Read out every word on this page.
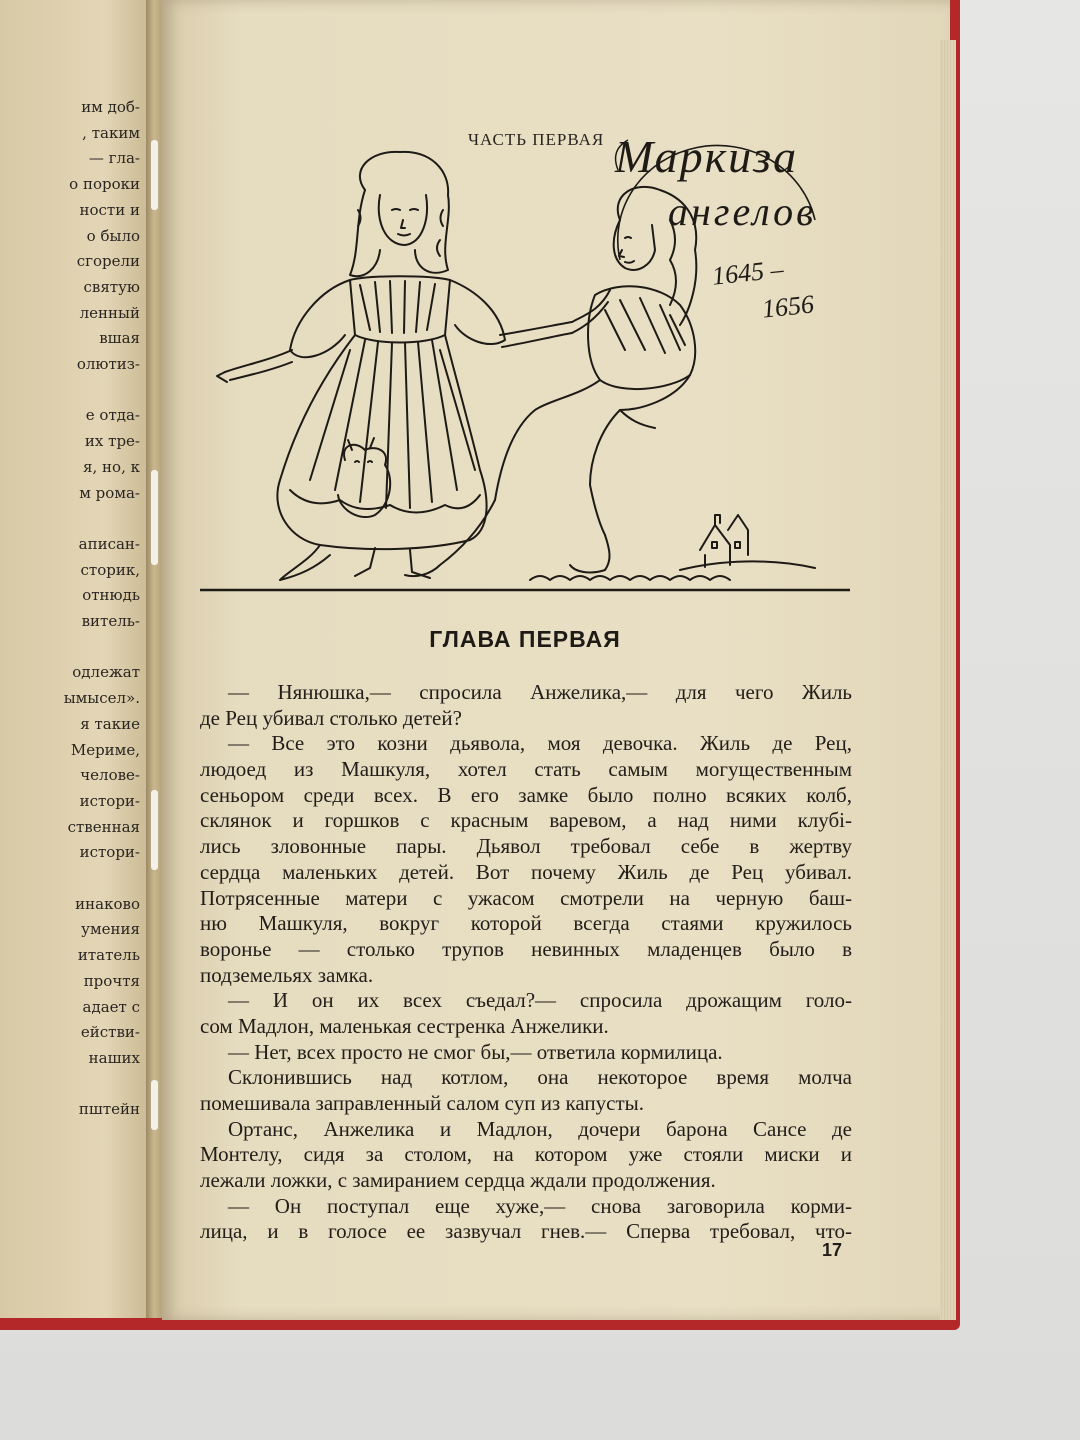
им доб-
, таким
— гла-
о пороки
ности и
о было
сгорели
святую
ленный
вшая
олютиз-
е отда-
их тре-
я, но, к
м рома-
аписан-
сторик,
отнюдь
витель-
одлежат
ымысел».
я такие
Мериме,
челове-
истори-
ственная
истори-
инаково
умения
итатель
прочтя
адает с
ействи-
наших
пштейн
ЧАСТЬ ПЕРВАЯ Маркиза
ангелов
1645 –
1656
ГЛАВА ПЕРВАЯ
— Нянюшка,— спросила Анжелика,— для чего Жиль
де Рец убивал столько детей?
— Все это козни дьявола, моя девочка. Жиль де Рец,
людоед из Машкуля, хотел стать самым могущественным
сеньором среди всех. В его замке было полно всяких колб,
склянок и горшков с красным варевом, а над ними клубі-
лись зловонные пары. Дьявол требовал себе в жертву
сердца маленьких детей. Вот почему Жиль де Рец убивал.
Потрясенные матери с ужасом смотрели на черную баш-
ню Машкуля, вокруг которой всегда стаями кружилось
воронье — столько трупов невинных младенцев было в
подземельях замка.
— И он их всех съедал?— спросила дрожащим голо-
сом Мадлон, маленькая сестренка Анжелики.
— Нет, всех просто не смог бы,— ответила кормилица.
Склонившись над котлом, она некоторое время молча
помешивала заправленный салом суп из капусты.
Ортанс, Анжелика и Мадлон, дочери барона Сансе де
Монтелу, сидя за столом, на котором уже стояли миски и
лежали ложки, с замиранием сердца ждали продолжения.
— Он поступал еще хуже,— снова заговорила корми-
лица, и в голосе ее зазвучал гнев.— Сперва требовал, что-
17
